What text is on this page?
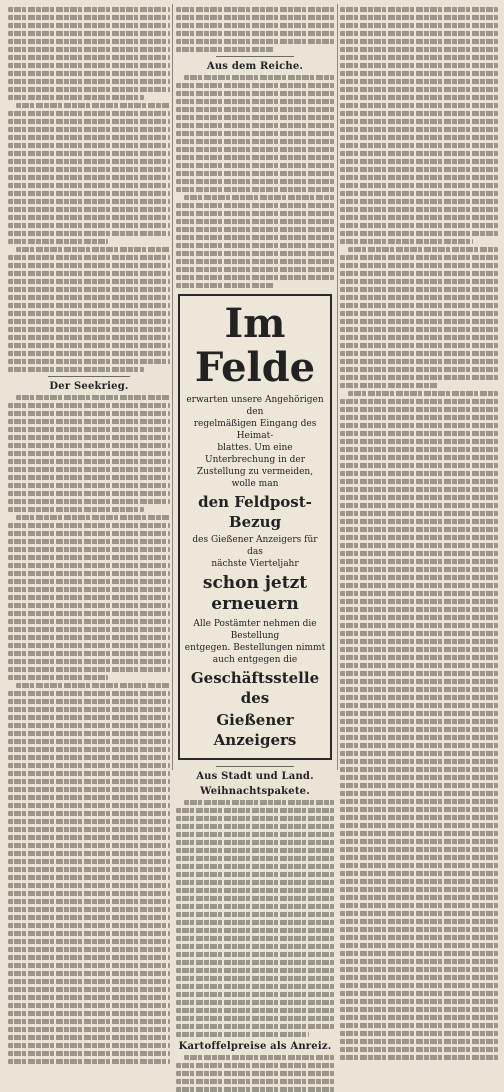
Der Seekrieg.
Aus dem Reiche.
Im Felde
erwarten unsere Angehörigen den
regelmäßigen Eingang des Heimat-
blattes. Um eine Unterbrechung in der
Zustellung zu vermeiden, wolle man
den Feldpost-Bezug
des Gießener Anzeigers für das
nächste Vierteljahr
schon jetzt erneuern
Alle Postämter nehmen die Bestellung
entgegen. Bestellungen nimmt
auch entgegen die
Geschäftsstelle des
Gießener Anzeigers
Aus Stadt und Land.
Weihnachtspakete.
Kartoffelpreise als Anreiz.
